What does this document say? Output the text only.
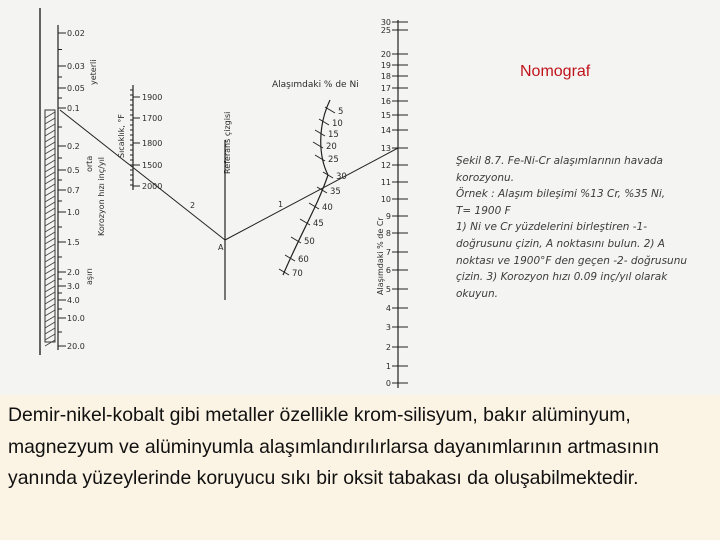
0.02
0.03
0.05
0.1
0.2
0.5
0.7
1.0
1.5
2.0
3.0
4.0
10.0
20.0
Korozyon hızı inç/yıl
yeterli
orta
aşırı
1900
1700
1800
1500
2000
Sıcaklık, °F	Referans çizgisi
2	1
A
5
10
15
20
25
30
35
40
45
50
60
70
Alaşımdaki % de Ni
30
25
20
19
18
17
16
15
14
13
12
11
10
9
8
7
6
5
4
3
2
1
0
Alaşımdaki % de Cr
Nomograf
Şekil 8.7. Fe-Ni-Cr alaşımlarının havada
korozyonu.
Örnek : Alaşım bileşimi %13 Cr, %35 Ni,
T= 1900 F
1) Ni ve Cr yüzdelerini birleştiren -1-
doğrusunu çizin, A noktasını bulun. 2) A
noktası ve 1900°F den geçen -2- doğrusunu
çizin. 3) Korozyon hızı 0.09 inç/yıl olarak
okuyun.
Demir-nikel-kobalt gibi metaller özellikle krom-silisyum, bakır alüminyum, magnezyum ve alüminyumla alaşımlandırılırlarsa dayanımlarının artmasının yanında yüzeylerinde koruyucu sıkı bir oksit tabakası da oluşabilmektedir.
